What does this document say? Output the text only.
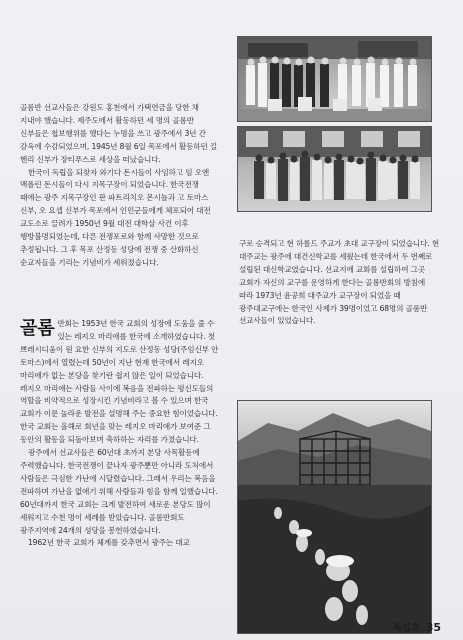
골롬반 선교사들은 강원도 홍천에서 가택연금을 당한 채 지내야 했습니다. 제주도에서 활동하던 세 명의 골롬반 신부들은 첩보행위를 했다는 누명을 쓰고 광주에서 3년 간 감옥에 수감되었으며, 1945년 8월 6일 목포에서 활동하던 길 헨리 신부가 장티푸스로 세상을 떠났습니다.

한국이 독립을 되찾자 와기다 돈시들이 사임하고 임 오엔 맥폴린 돈시들이 다시 지목구장이 되었습니다. 한국전쟁 때에는 광주 지목구장인 판 파트리치오 몬시뇰과 고 토마스 신부, 오 요셉 신부가 목포에서 인민군들에게 체포되어 대전 교도소로 끌려가 1950년 9월 대전 대학살 사건 이후 행방불명되었는데, 다른 전쟁포로와 함께 사망한 것으로 추정됩니다. 그 후 목포 산정동 성당에 전쟁 중 산화하신 순교자들을 기리는 기념비가 세워졌습니다.

골롬 반회는 1953년 한국 교회의 성장에 도움을 줄 수 있는 레지오 마리애를 한국에 소개하였습니다. 첫 쁘레시디움이 원 요한 신부의 지도로 산정동 성당(주임신부 안 토마스)에서 열렸는데 50년이 지난 현재 한국에서 레지오 마리애가 없는 본당을 찾기란 쉽지 않은 일이 되었습니다. 레지오 마리애는 사람들 사이에 복음을 전파하는 평신도들의 역할을 비약적으로 성장시킨 기념비라고 볼 수 있으며 한국 교회가 이룬 놀라운 발전을 설명해 주는 중요한 힘이었습니다. 한국 교회는 올해로 회년을 맞는 레지오 마리애가 보여준 그 동안의 활동을 되돌아보며 축하하는 자리를 가졌습니다.

광주에서 선교사들은 60년대 초까지 본당 사목활동에 주력했습니다. 한국전쟁이 끝나자 광주뿐만 아니라 도처에서 사람들은 극심한 가난에 시달렸습니다. 그래서 우리는 복음을 전파하며 가난을 없애기 위해 사람들과 힘을 함께 일했습니다. 60년대까지 한국 교회는 크게 발전하여 새로운 본당도 많이 세워지고 수천 명이 세례를 받았습니다. 골롬반회도 광주지역에 24개의 성당을 봉헌하였습니다.

1962년 한국 교회가 체계를 갖추면서 광주는 대교

구로 승격되고 현 하롤드 주교가 초대 교구장이 되었습니다. 현 대주교는 광주에 대건신학교를 세웠는데 한국에서 두 번째로 설립된 대신학교였습니다. 선교지에 교회를 설립하여 그곳 교회가 자신의 교구를 운영하게 한다는 골롬반회의 방침에 따라 1973년 윤공희 대주교가 교구장이 되었을 때 광주대교구에는 한국인 사제가 39명이었고 68명의 골롬반 선교사들이 있었습니다.

특집호 35
